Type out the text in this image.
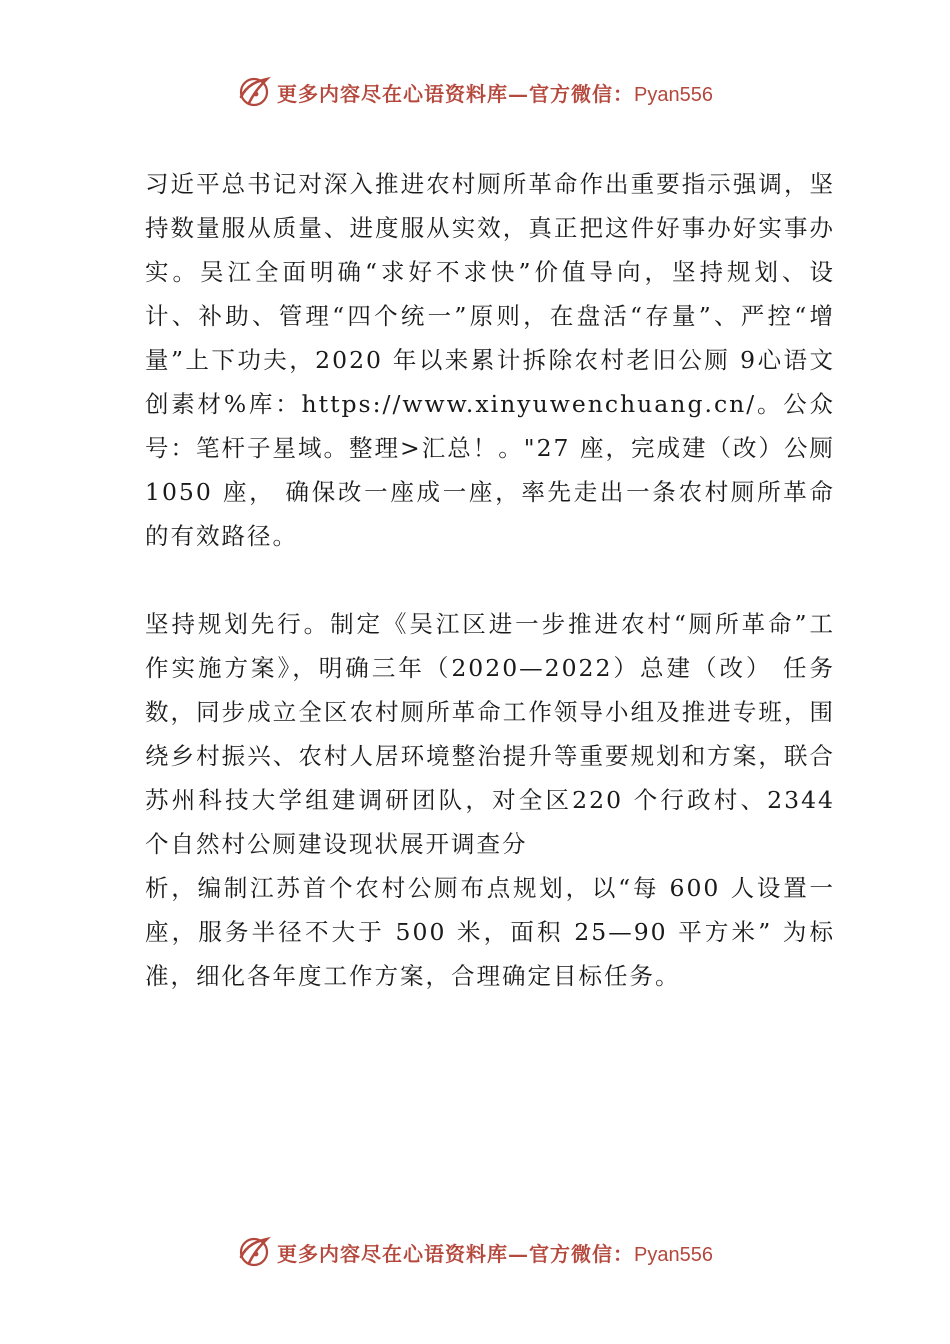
更多内容尽在心语资料库—官方微信：Pyan556

习近平总书记对深入推进农村厕所革命作出重要指示强调，坚持数量服从质量、进度服从实效，真正把这件好事办好实事办实。吴江全面明确“求好不求快”价值导向，坚持规划、设计、补助、管理“四个统一”原则，在盘活“存量”、严控“增量”上下功夫，2020 年以来累计拆除农村老旧公厕 9心语文创素材%库：https://www.xinyuwenchuang.cn/。公众号：笔杆子星域。整理>汇总！。"27 座，完成建（改）公厕 1050 座， 确保改一座成一座，率先走出一条农村厕所革命的有效路径。

坚持规划先行。制定《吴江区进一步推进农村“厕所革命”工作实施方案》，明确三年（2020—2022）总建（改） 任务数，同步成立全区农村厕所革命工作领导小组及推进专班，围绕乡村振兴、农村人居环境整治提升等重要规划和方案，联合苏州科技大学组建调研团队，对全区220 个行政村、2344 个自然村公厕建设现状展开调查分

析，编制江苏首个农村公厕布点规划，以“每 600 人设置一座，服务半径不大于 500 米，面积 25—90 平方米” 为标准，细化各年度工作方案，合理确定目标任务。

更多内容尽在心语资料库—官方微信：Pyan556
